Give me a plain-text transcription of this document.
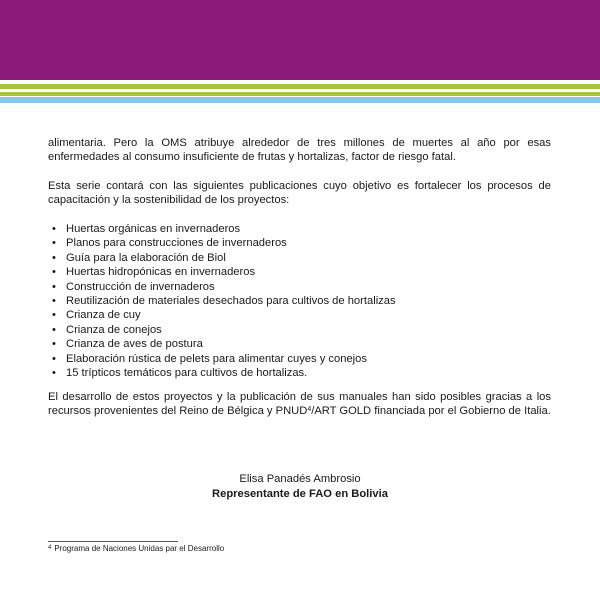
alimentaria. Pero la OMS atribuye alrededor de tres millones de muertes al año por esas enfermedades al consumo insuficiente de frutas y hortalizas, factor de riesgo fatal.

Esta serie contará con las siguientes publicaciones cuyo objetivo es fortalecer los procesos de capacitación y la sostenibilidad de los proyectos:

• Huertas orgánicas en invernaderos
• Planos para construcciones de invernaderos
• Guía para la elaboración de Biol
• Huertas hidropónicas en invernaderos
• Construcción de invernaderos
• Reutilización de materiales desechados para cultivos de hortalizas
• Crianza de cuy
• Crianza de conejos
• Crianza de aves de postura
• Elaboración rústica de pelets para alimentar cuyes y conejos
• 15 trípticos temáticos para cultivos de hortalizas.

El desarrollo de estos proyectos y la publicación de sus manuales han sido posibles gracias a los recursos provenientes del Reino de Bélgica y PNUD$^4$/ART GOLD financiada por el Gobierno de Italia.

Elisa Panadés Ambrosio
Representante de FAO en Bolivia
$^4$ Programa de Naciones Unidas par el Desarrollo
